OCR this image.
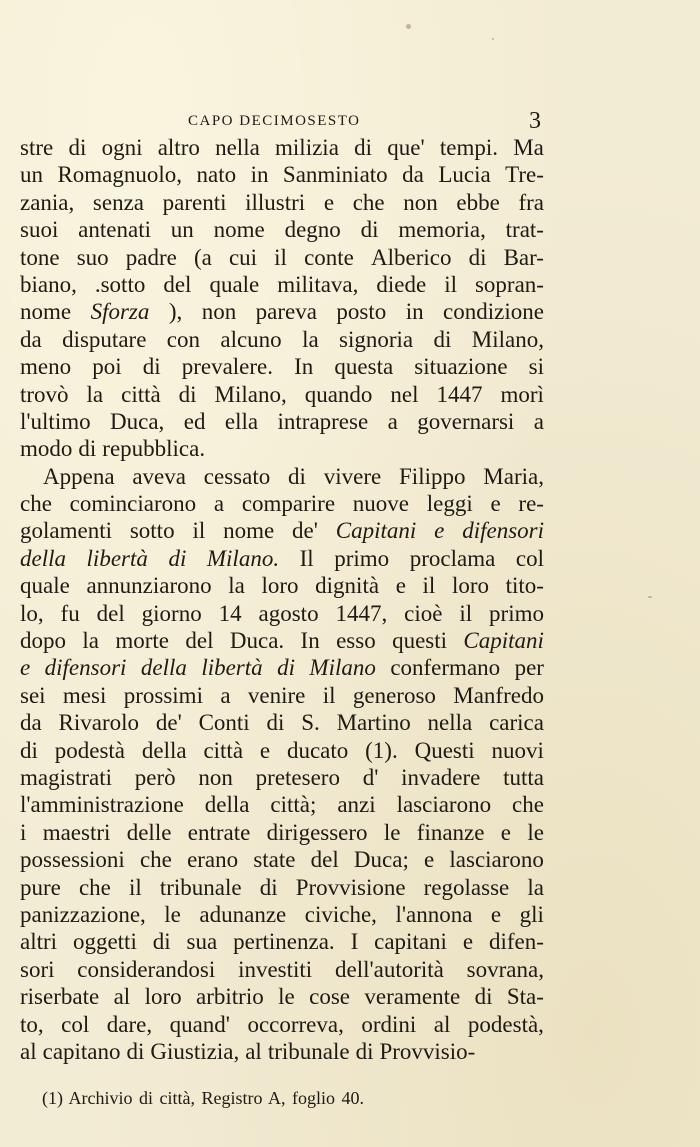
CAPO DECIMOSESTO	3
stre di ogni altro nella milizia di que' tempi. Ma
un Romagnuolo, nato in Sanminiato da Lucia Tre-
zania, senza parenti illustri e che non ebbe fra
suoi antenati un nome degno di memoria, trat-
tone suo padre (a cui il conte Alberico di Bar-
biano, .sotto del quale militava, diede il sopran-
nome Sforza ), non pareva posto in condizione
da disputare con alcuno la signoria di Milano,
meno poi di prevalere. In questa situazione si
trovò la città di Milano, quando nel 1447 morì
l'ultimo Duca, ed ella intraprese a governarsi a
modo di repubblica.
Appena aveva cessato di vivere Filippo Maria,
che cominciarono a comparire nuove leggi e re-
golamenti sotto il nome de' Capitani e difensori
della libertà di Milano. Il primo proclama col
quale annunziarono la loro dignità e il loro tito-
lo, fu del giorno 14 agosto 1447, cioè il primo
dopo la morte del Duca. In esso questi Capitani
e difensori della libertà di Milano confermano per
sei mesi prossimi a venire il generoso Manfredo
da Rivarolo de' Conti di S. Martino nella carica
di podestà della città e ducato (1). Questi nuovi
magistrati però non pretesero d' invadere tutta
l'amministrazione della città; anzi lasciarono che
i maestri delle entrate dirigessero le finanze e le
possessioni che erano state del Duca; e lasciarono
pure che il tribunale di Provvisione regolasse la
panizzazione, le adunanze civiche, l'annona e gli
altri oggetti di sua pertinenza. I capitani e difen-
sori considerandosi investiti dell'autorità sovrana,
riserbate al loro arbitrio le cose veramente di Sta-
to, col dare, quand' occorreva, ordini al podestà,
al capitano di Giustizia, al tribunale di Provvisio-
(1) Archivio di città, Registro A, foglio 40.
